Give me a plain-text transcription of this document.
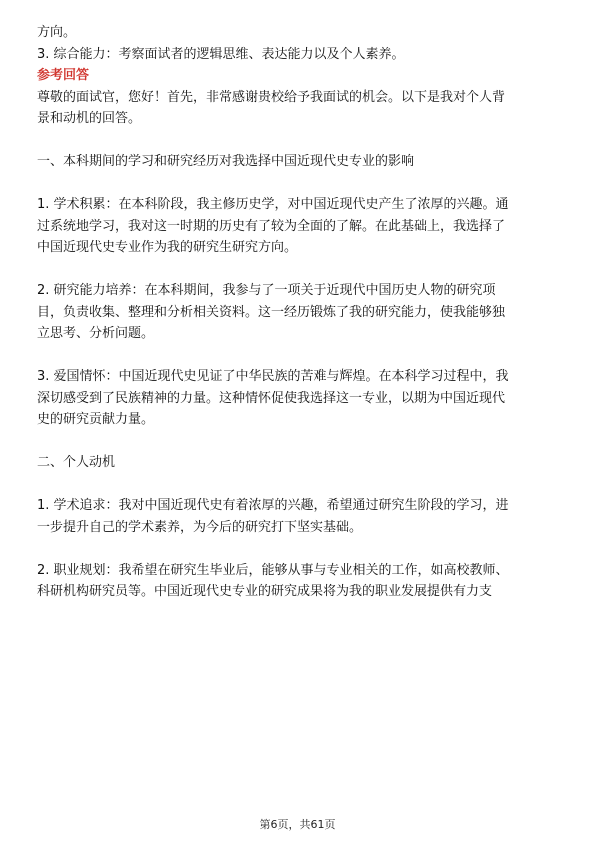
方向。

3. 综合能力：考察面试者的逻辑思维、表达能力以及个人素养。

参考回答

尊敬的面试官，您好！首先，非常感谢贵校给予我面试的机会。以下是我对个人背

景和动机的回答。

一、本科期间的学习和研究经历对我选择中国近现代史专业的影响

1. 学术积累：在本科阶段，我主修历史学，对中国近现代史产生了浓厚的兴趣。通

过系统地学习，我对这一时期的历史有了较为全面的了解。在此基础上，我选择了

中国近现代史专业作为我的研究生研究方向。

2. 研究能力培养：在本科期间，我参与了一项关于近现代中国历史人物的研究项

目，负责收集、整理和分析相关资料。这一经历锻炼了我的研究能力，使我能够独

立思考、分析问题。

3. 爱国情怀：中国近现代史见证了中华民族的苦难与辉煌。在本科学习过程中，我

深切感受到了民族精神的力量。这种情怀促使我选择这一专业，以期为中国近现代

史的研究贡献力量。

二、个人动机

1. 学术追求：我对中国近现代史有着浓厚的兴趣，希望通过研究生阶段的学习，进

一步提升自己的学术素养，为今后的研究打下坚实基础。

2. 职业规划：我希望在研究生毕业后，能够从事与专业相关的工作，如高校教师、

科研机构研究员等。中国近现代史专业的研究成果将为我的职业发展提供有力支

第6页，共61页
